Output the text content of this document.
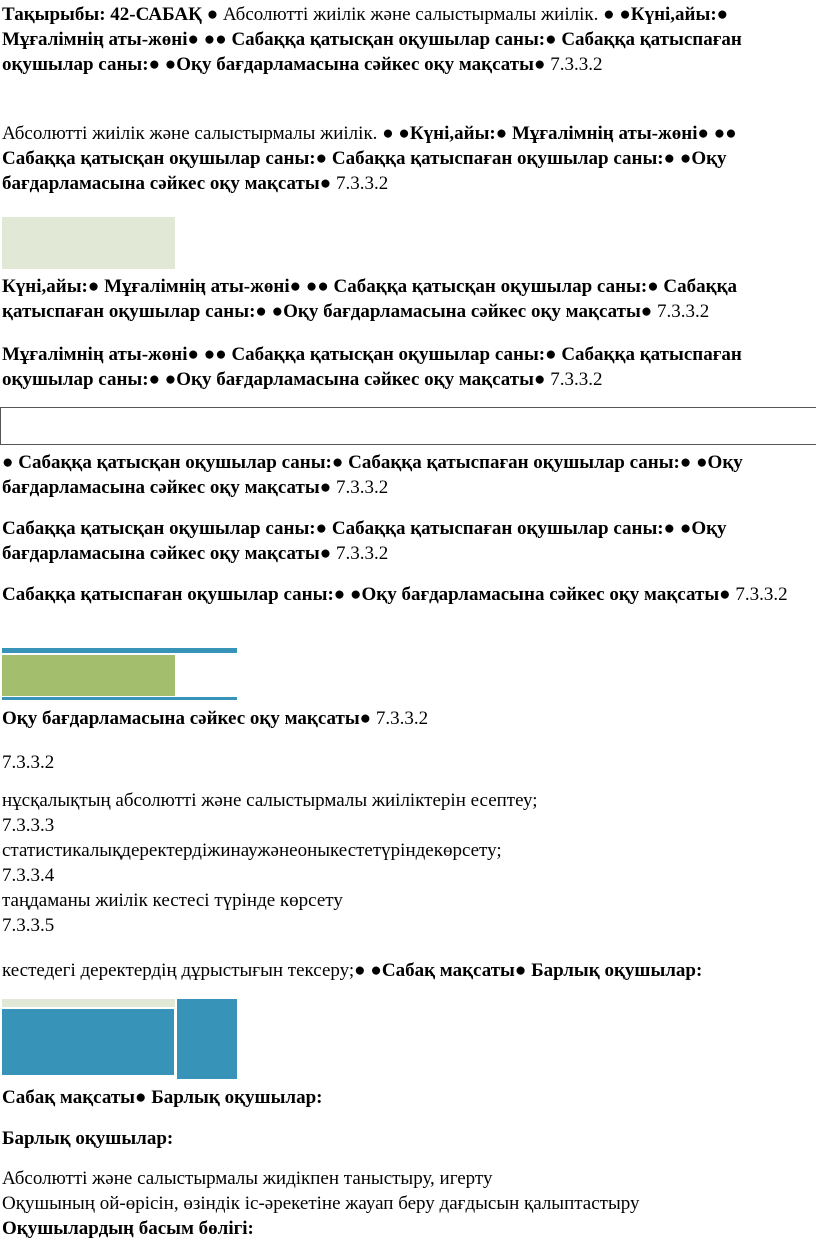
Тақырыбы: 42-САБАҚ ● Абсолютті жиілік және салыстырмалы жиілік. ● ●Күні,айы:● Мұғалімнің аты-жөні● ●● Сабаққа қатысқан оқушылар саны:● Сабаққа қатыспаған оқушылар саны:● ●Оқу бағдарламасына сәйкес оқу мақсаты● 7.3.3.2

Абсолютті жиілік және салыстырмалы жиілік. ● ●Күні,айы:● Мұғалімнің аты-жөні● ●● Сабаққа қатысқан оқушылар саны:● Сабаққа қатыспаған оқушылар саны:● ●Оқу бағдарламасына сәйкес оқу мақсаты● 7.3.3.2

Күні,айы:● Мұғалімнің аты-жөні● ●● Сабаққа қатысқан оқушылар саны:● Сабаққа қатыспаған оқушылар саны:● ●Оқу бағдарламасына сәйкес оқу мақсаты● 7.3.3.2

Мұғалімнің аты-жөні● ●● Сабаққа қатысқан оқушылар саны:● Сабаққа қатыспаған оқушылар саны:● ●Оқу бағдарламасына сәйкес оқу мақсаты● 7.3.3.2

● Сабаққа қатысқан оқушылар саны:● Сабаққа қатыспаған оқушылар саны:● ●Оқу бағдарламасына сәйкес оқу мақсаты● 7.3.3.2

Сабаққа қатысқан оқушылар саны:● Сабаққа қатыспаған оқушылар саны:● ●Оқу бағдарламасына сәйкес оқу мақсаты● 7.3.3.2

Сабаққа қатыспаған оқушылар саны:● ●Оқу бағдарламасына сәйкес оқу мақсаты● 7.3.3.2

Оқу бағдарламасына сәйкес оқу мақсаты● 7.3.3.2

7.3.3.2
нұсқалықтың абсолютті және салыстырмалы жиіліктерін есептеу;
7.3.3.3
статистикалықдеректердіжинаужәнеоныкестетүріндекөрсету;
7.3.3.4
таңдаманы жиілік кестесі түрінде көрсету
7.3.3.5

кестедегі деректердің дұрыстығын тексеру;● ●Сабақ мақсаты● Барлық оқушылар:

Сабақ мақсаты● Барлық оқушылар:

Барлық оқушылар:

Абсолютті және салыстырмалы жидікпен таныстыру, игерту
Оқушының ой-өрісін, өзіндік іс-әрекетіне жауап беру дағдысын қалыптастыру
Оқушылардың басым бөлігі:
